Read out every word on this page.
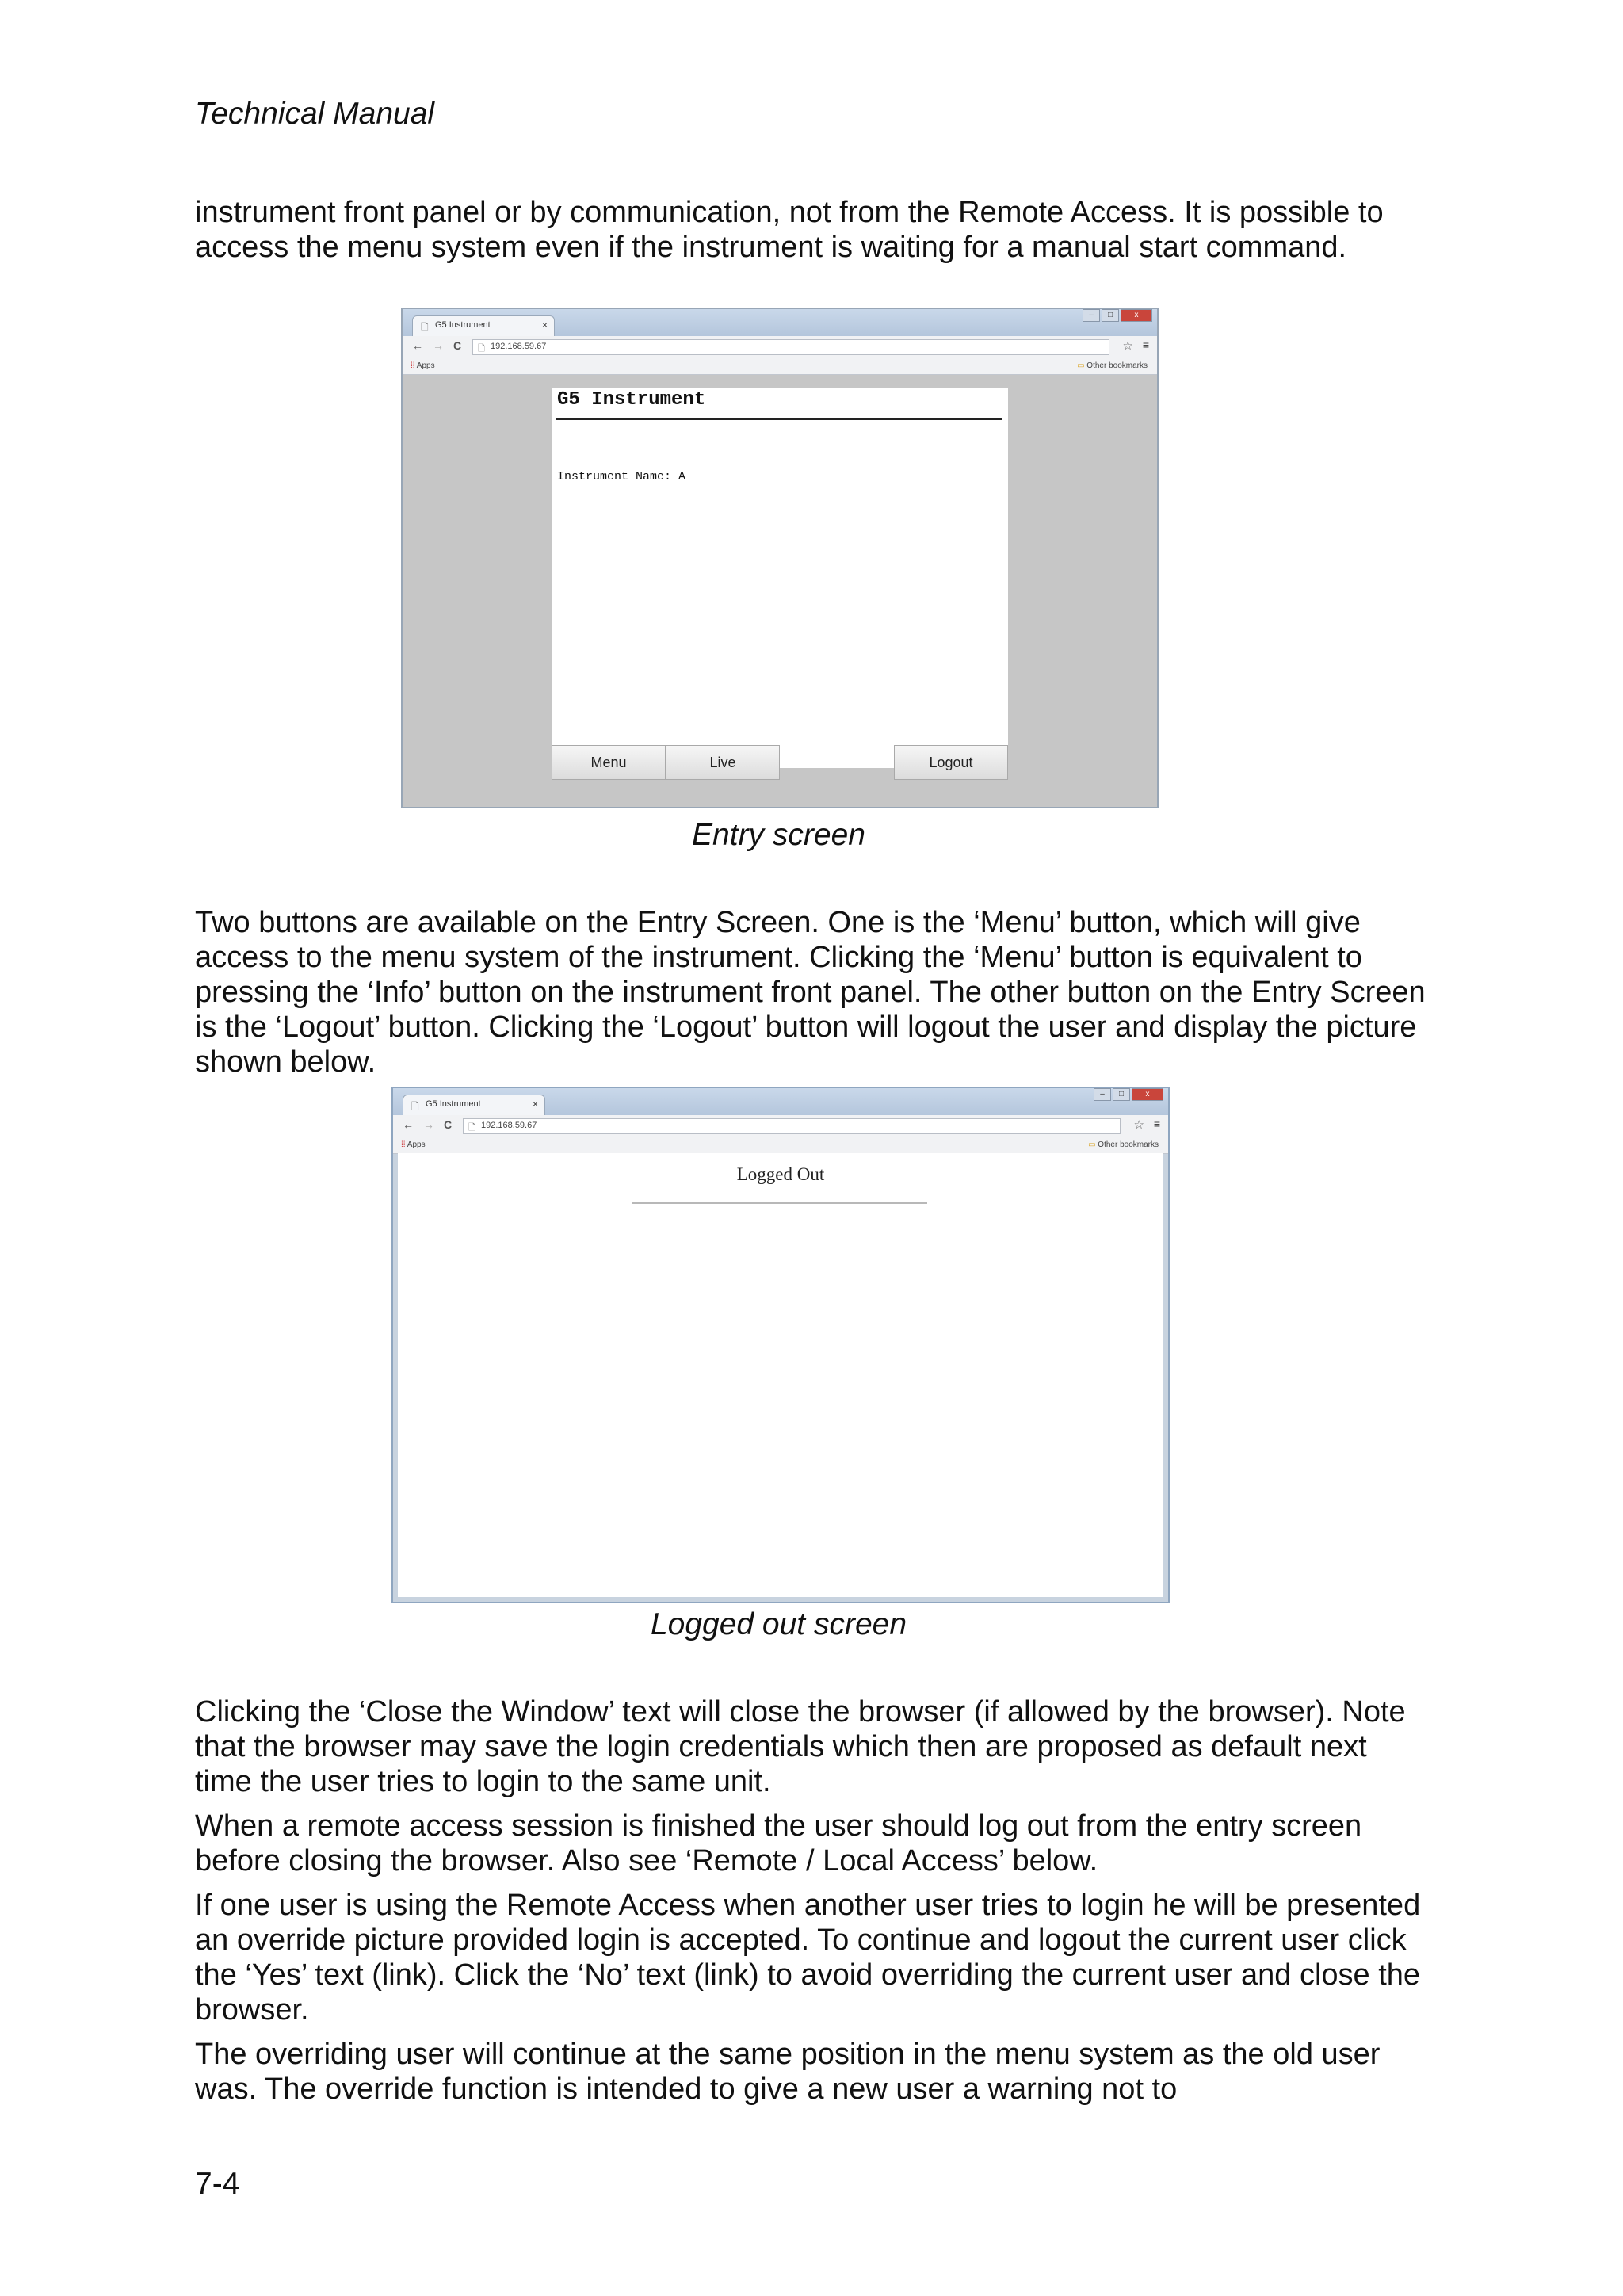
Technical Manual

instrument front panel or by communication, not from the Remote Access. It is possible to access the menu system even if the instrument is waiting for a manual start command.

🗋 G5 Instrument	×
–	□	x
← → C 🗋 192.168.59.67	☆ ≡
⁞⁞ Apps	▭ Other bookmarks
G5 Instrument
Instrument Name: A
Menu	Live	Logout
Entry screen

Two buttons are available on the Entry Screen. One is the ‘Menu’ button, which will give access to the menu system of the instrument. Clicking the ‘Menu’ button is equivalent to pressing the ‘Info’ button on the instrument front panel. The other button on the Entry Screen is the ‘Logout’ button. Clicking the ‘Logout’ button will logout the user and display the picture shown below.

🗋 G5 Instrument	×
–	□	x
← → C 🗋 192.168.59.67	☆ ≡
⁞⁞ Apps	▭ Other bookmarks
Logged Out
Logged out screen

Clicking the ‘Close the Window’ text will close the browser (if allowed by the browser). Note that the browser may save the login credentials which then are proposed as default next time the user tries to login to the same unit.

When a remote access session is finished the user should log out from the entry screen before closing the browser. Also see ‘Remote / Local Access’ below.

If one user is using the Remote Access when another user tries to login he will be presented an override picture provided login is accepted. To continue and logout the current user click the ‘Yes’ text (link). Click the ‘No’ text (link) to avoid overriding the current user and close the browser.

The overriding user will continue at the same position in the menu system as the old user was. The override function is intended to give a new user a warning not to

7-4
